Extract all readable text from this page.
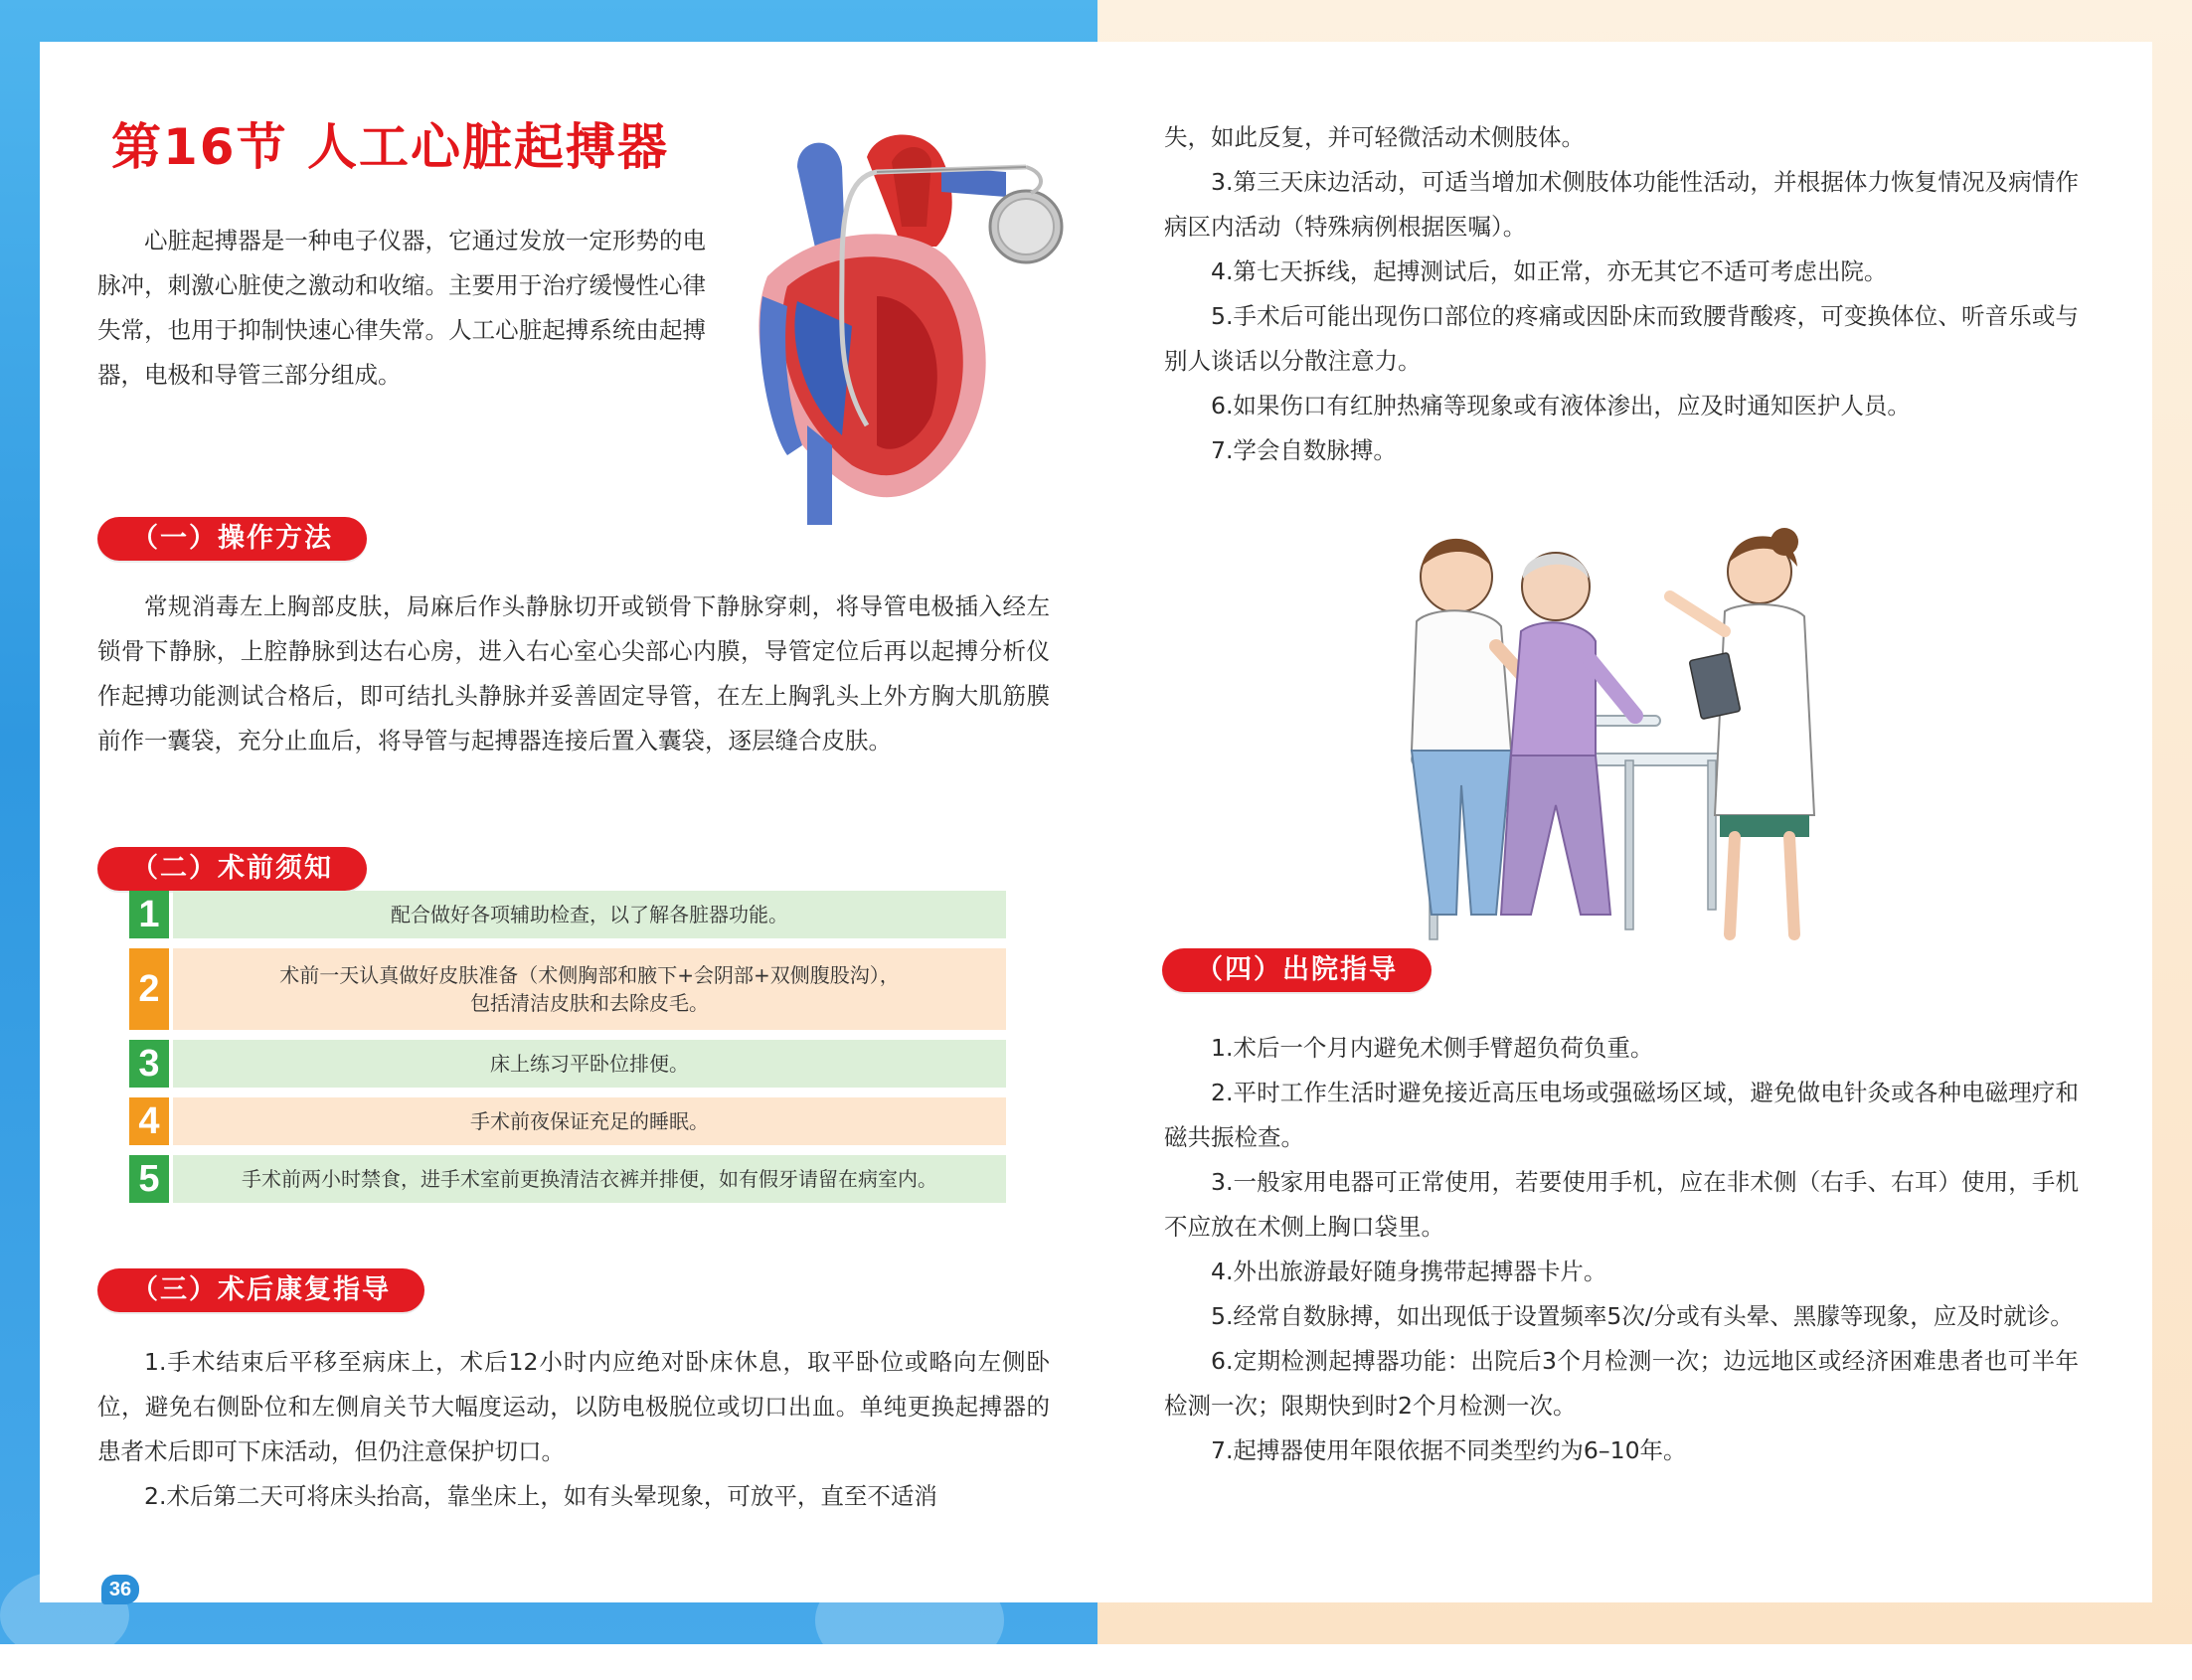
第16节 人工心脏起搏器

心脏起搏器是一种电子仪器，它通过发放一定形势的电脉冲，刺激心脏使之激动和收缩。主要用于治疗缓慢性心律失常，也用于抑制快速心律失常。人工心脏起搏系统由起搏器，电极和导管三部分组成。

（一）操作方法

常规消毒左上胸部皮肤，局麻后作头静脉切开或锁骨下静脉穿刺，将导管电极插入经左锁骨下静脉，上腔静脉到达右心房，进入右心室心尖部心内膜，导管定位后再以起搏分析仪作起搏功能测试合格后，即可结扎头静脉并妥善固定导管，在左上胸乳头上外方胸大肌筋膜前作一囊袋，充分止血后，将导管与起搏器连接后置入囊袋，逐层缝合皮肤。

（二）术前须知
1	配合做好各项辅助检查，以了解各脏器功能。
2	术前一天认真做好皮肤准备（术侧胸部和腋下+会阴部+双侧腹股沟），
包括清洁皮肤和去除皮毛。
3	床上练习平卧位排便。
4	手术前夜保证充足的睡眠。
5	手术前两小时禁食，进手术室前更换清洁衣裤并排便，如有假牙请留在病室内。
（三）术后康复指导
1.手术结束后平移至病床上，术后12小时内应绝对卧床休息，取平卧位或略向左侧卧位，避免右侧卧位和左侧肩关节大幅度运动，以防电极脱位或切口出血。单纯更换起搏器的患者术后即可下床活动，但仍注意保护切口。
2.术后第二天可将床头抬高，靠坐床上，如有头晕现象，可放平，直至不适消
36
失，如此反复，并可轻微活动术侧肢体。
3.第三天床边活动，可适当增加术侧肢体功能性活动，并根据体力恢复情况及病情作病区内活动（特殊病例根据医嘱）。
4.第七天拆线，起搏测试后，如正常，亦无其它不适可考虑出院。
5.手术后可能出现伤口部位的疼痛或因卧床而致腰背酸疼，可变换体位、听音乐或与别人谈话以分散注意力。
6.如果伤口有红肿热痛等现象或有液体渗出，应及时通知医护人员。
7.学会自数脉搏。
（四）出院指导
1.术后一个月内避免术侧手臂超负荷负重。
2.平时工作生活时避免接近高压电场或强磁场区域，避免做电针灸或各种电磁理疗和磁共振检查。
3.一般家用电器可正常使用，若要使用手机，应在非术侧（右手、右耳）使用，手机不应放在术侧上胸口袋里。
4.外出旅游最好随身携带起搏器卡片。
5.经常自数脉搏，如出现低于设置频率5次/分或有头晕、黑朦等现象，应及时就诊。
6.定期检测起搏器功能：出院后3个月检测一次；边远地区或经济困难患者也可半年检测一次；限期快到时2个月检测一次。
7.起搏器使用年限依据不同类型约为6–10年。
